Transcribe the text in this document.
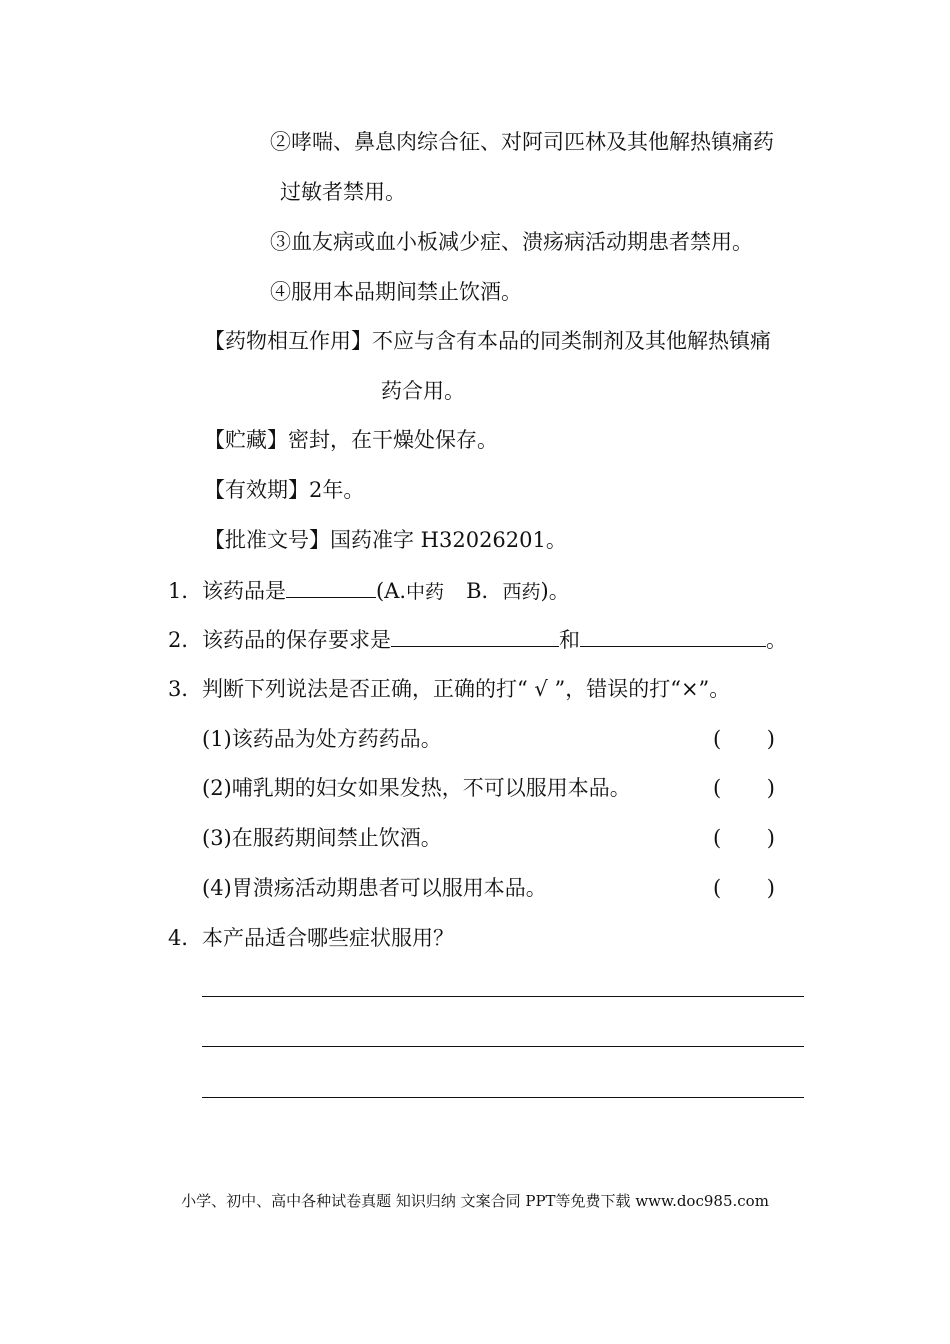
②哮喘、鼻息肉综合征、对阿司匹林及其他解热镇痛药
过敏者禁用。
③血友病或血小板减少症、溃疡病活动期患者禁用。
④服用本品期间禁止饮酒。
【药物相互作用】不应与含有本品的同类制剂及其他解热镇痛
药合用。
【贮藏】密封，在干燥处保存。
【有效期】2年。
【批准文号】国药准字 H32026201。
1．该药品是	(A.中药 B．西药)。
2．该药品的保存要求是	和	。
3．判断下列说法是否正确，正确的打“ √ ”，错误的打“×”。
(1)该药品为处方药药品。	( )
(2)哺乳期的妇女如果发热，不可以服用本品。	( )
(3)在服药期间禁止饮酒。	( )
(4)胃溃疡活动期患者可以服用本品。	( )
4．本产品适合哪些症状服用？
小学、初中、高中各种试卷真题 知识归纳 文案合同 PPT等免费下载 www.doc985.com
